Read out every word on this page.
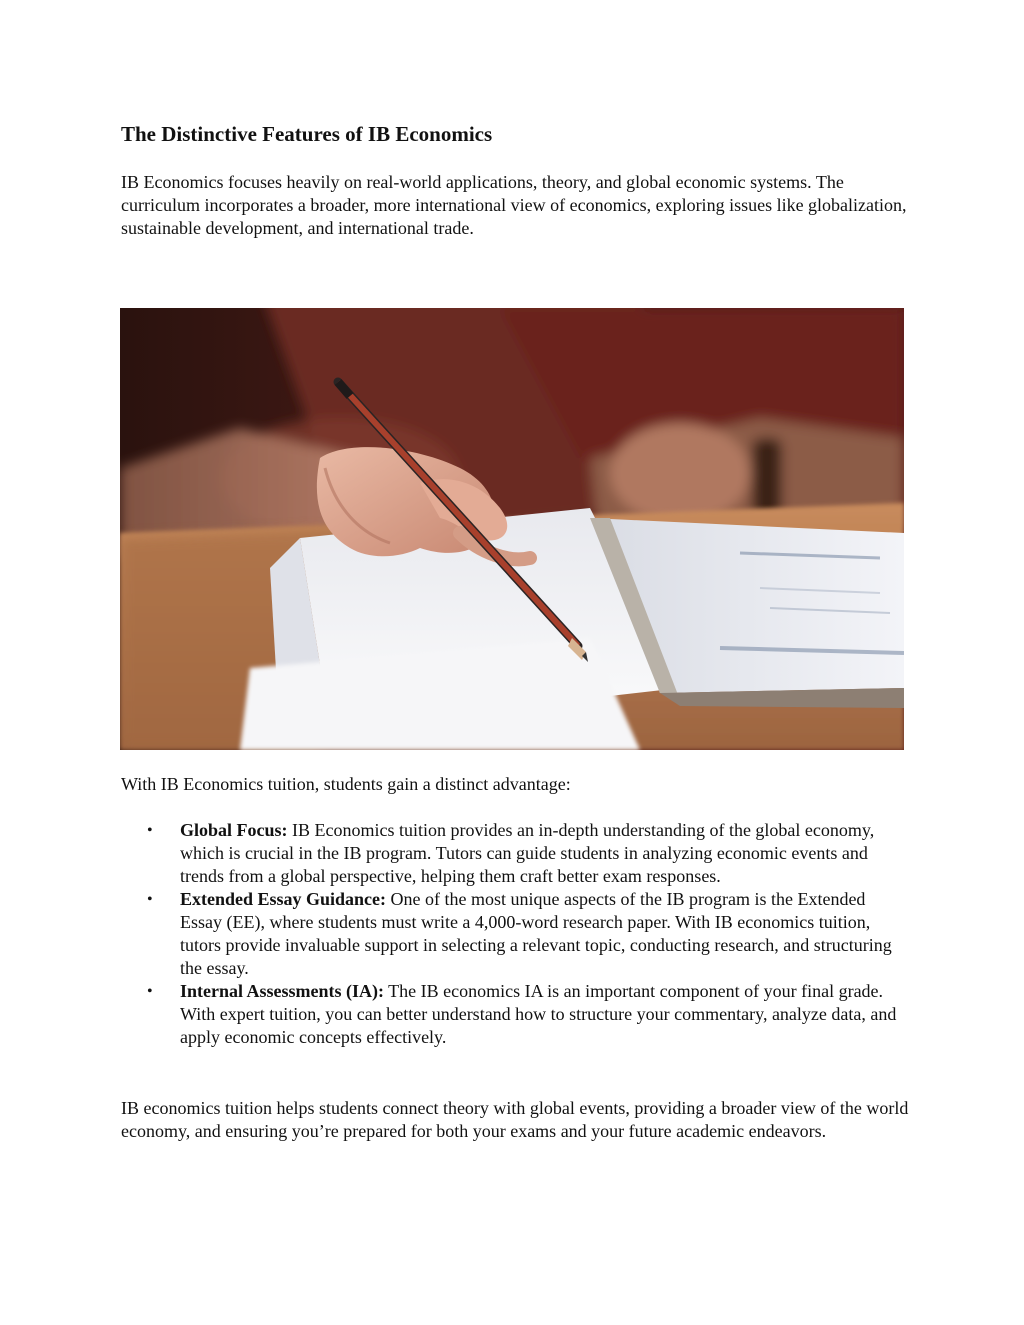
The Distinctive Features of IB Economics

IB Economics focuses heavily on real-world applications, theory, and global economic systems. The curriculum incorporates a broader, more international view of economics, exploring issues like globalization, sustainable development, and international trade.

With IB Economics tuition, students gain a distinct advantage:

• Global Focus: IB Economics tuition provides an in-depth understanding of the global economy, which is crucial in the IB program. Tutors can guide students in analyzing economic events and trends from a global perspective, helping them craft better exam responses.
• Extended Essay Guidance: One of the most unique aspects of the IB program is the Extended Essay (EE), where students must write a 4,000-word research paper. With IB economics tuition, tutors provide invaluable support in selecting a relevant topic, conducting research, and structuring the essay.
• Internal Assessments (IA): The IB economics IA is an important component of your final grade. With expert tuition, you can better understand how to structure your commentary, analyze data, and apply economic concepts effectively.

IB economics tuition helps students connect theory with global events, providing a broader view of the world economy, and ensuring you’re prepared for both your exams and your future academic endeavors.
